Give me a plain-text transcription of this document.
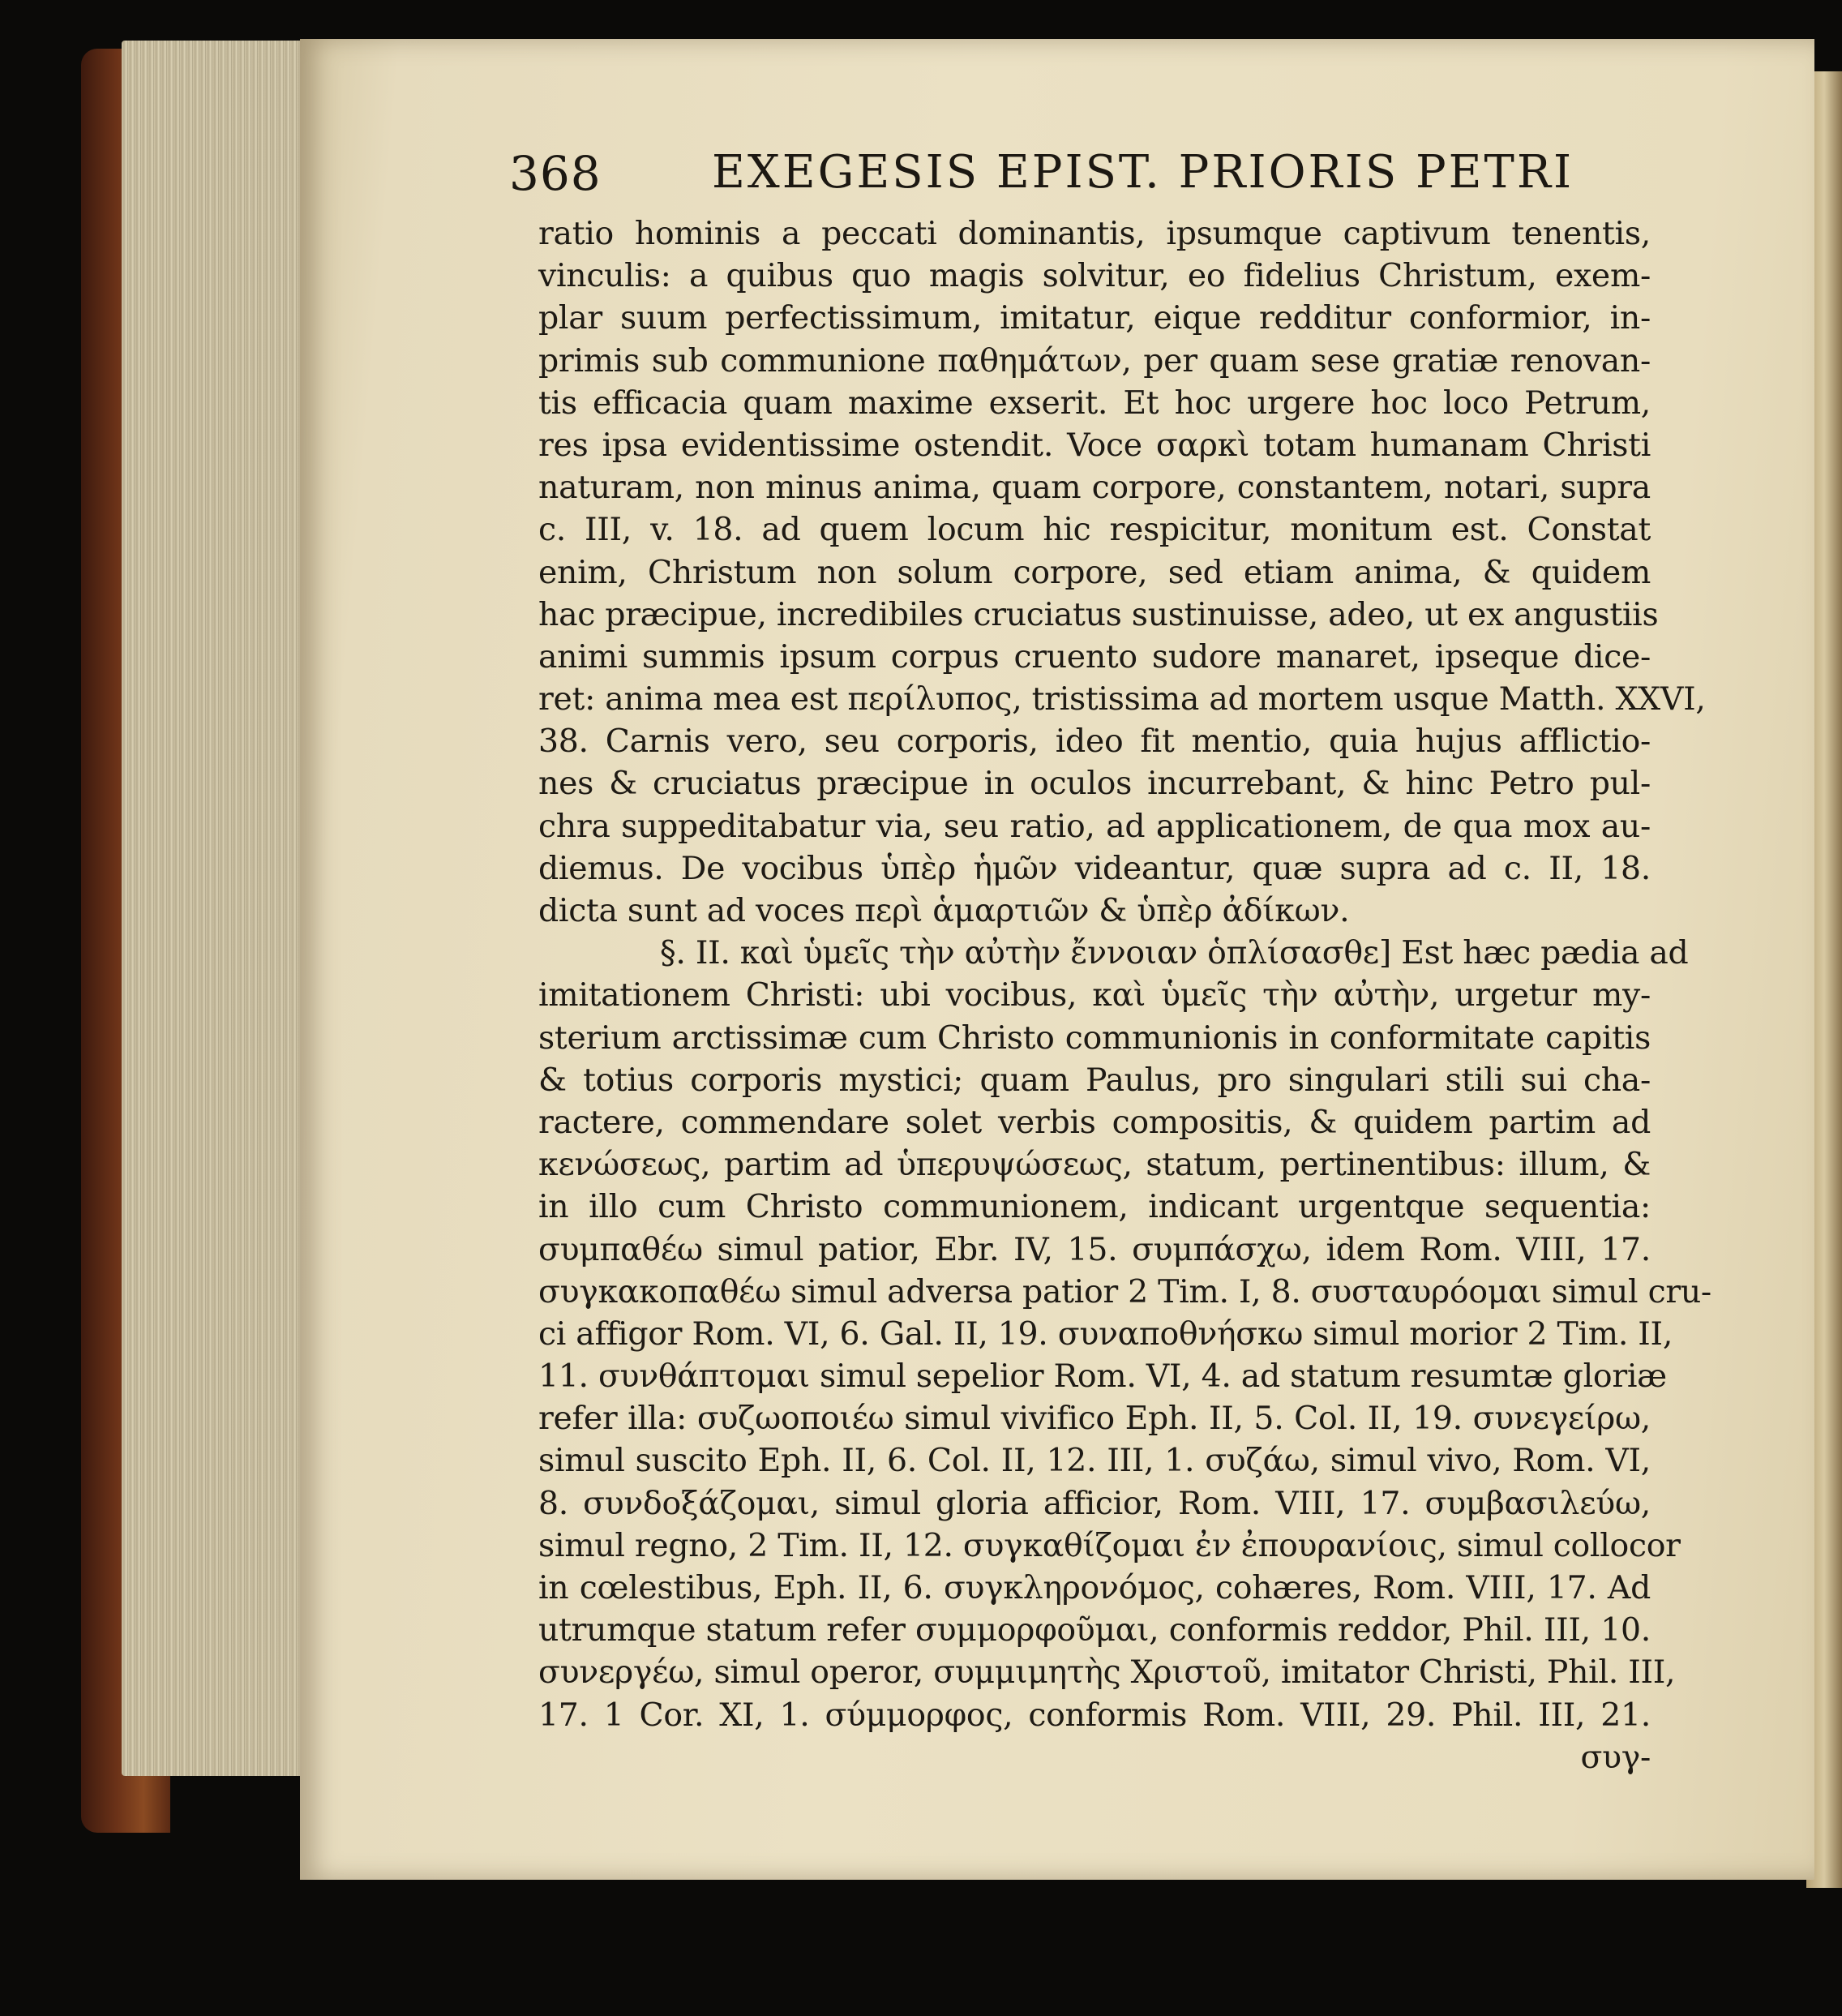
368 EXEGESIS EPIST. PRIORIS PETRI
ratio hominis a peccati dominantis, ipsumque captivum tenentis,
vinculis: a quibus quo magis solvitur, eo fidelius Christum, exem-
plar suum perfectissimum, imitatur, eique redditur conformior, in-
primis sub communione παθημάτων, per quam sese gratiæ renovan-
tis efficacia quam maxime exserit. Et hoc urgere hoc loco Petrum,
res ipsa evidentissime ostendit. Voce σαρκὶ totam humanam Christi
naturam, non minus anima, quam corpore, constantem, notari, supra
c. III, v. 18. ad quem locum hic respicitur, monitum est. Constat
enim, Christum non solum corpore, sed etiam anima, & quidem
hac præcipue, incredibiles cruciatus sustinuisse, adeo, ut ex angustiis
animi summis ipsum corpus cruento sudore manaret, ipseque dice-
ret: anima mea est περίλυπος, tristissima ad mortem usque Matth. XXVI,
38. Carnis vero, seu corporis, ideo fit mentio, quia hujus afflictio-
nes & cruciatus præcipue in oculos incurrebant, & hinc Petro pul-
chra suppeditabatur via, seu ratio, ad applicationem, de qua mox au-
diemus. De vocibus ὑπὲρ ἡμῶν videantur, quæ supra ad c. II, 18.
dicta sunt ad voces περὶ ἁμαρτιῶν & ὑπὲρ ἀδίκων.
§. II. καὶ ὑμεῖς τὴν αὐτὴν ἔννοιαν ὁπλίσασθε] Est hæc pædia ad
imitationem Christi: ubi vocibus, καὶ ὑμεῖς τὴν αὐτὴν, urgetur my-
sterium arctissimæ cum Christo communionis in conformitate capitis
& totius corporis mystici; quam Paulus, pro singulari stili sui cha-
ractere, commendare solet verbis compositis, & quidem partim ad
κενώσεως, partim ad ὑπερυψώσεως, statum, pertinentibus: illum, &
in illo cum Christo communionem, indicant urgentque sequentia:
συμπαθέω simul patior, Ebr. IV, 15. συμπάσχω, idem Rom. VIII, 17.
συγκακοπαθέω simul adversa patior 2 Tim. I, 8. συσταυρόομαι simul cru-
ci affigor Rom. VI, 6. Gal. II, 19. συναποθνήσκω simul morior 2 Tim. II,
11. συνθάπτομαι simul sepelior Rom. VI, 4. ad statum resumtæ gloriæ
refer illa: συζωοποιέω simul vivifico Eph. II, 5. Col. II, 19. συνεγείρω,
simul suscito Eph. II, 6. Col. II, 12. III, 1. συζάω, simul vivo, Rom. VI,
8. συνδοξάζομαι, simul gloria afficior, Rom. VIII, 17. συμβασιλεύω,
simul regno, 2 Tim. II, 12. συγκαθίζομαι ἐν ἐπουρανίοις, simul collocor
in cœlestibus, Eph. II, 6. συγκληρονόμος, cohæres, Rom. VIII, 17. Ad
utrumque statum refer συμμορφοῦμαι, conformis reddor, Phil. III, 10.
συνεργέω, simul operor, συμμιμητὴς Χριστοῦ, imitator Christi, Phil. III,
17. 1 Cor. XI, 1. σύμμορφος, conformis Rom. VIII, 29. Phil. III, 21.
συγ-
